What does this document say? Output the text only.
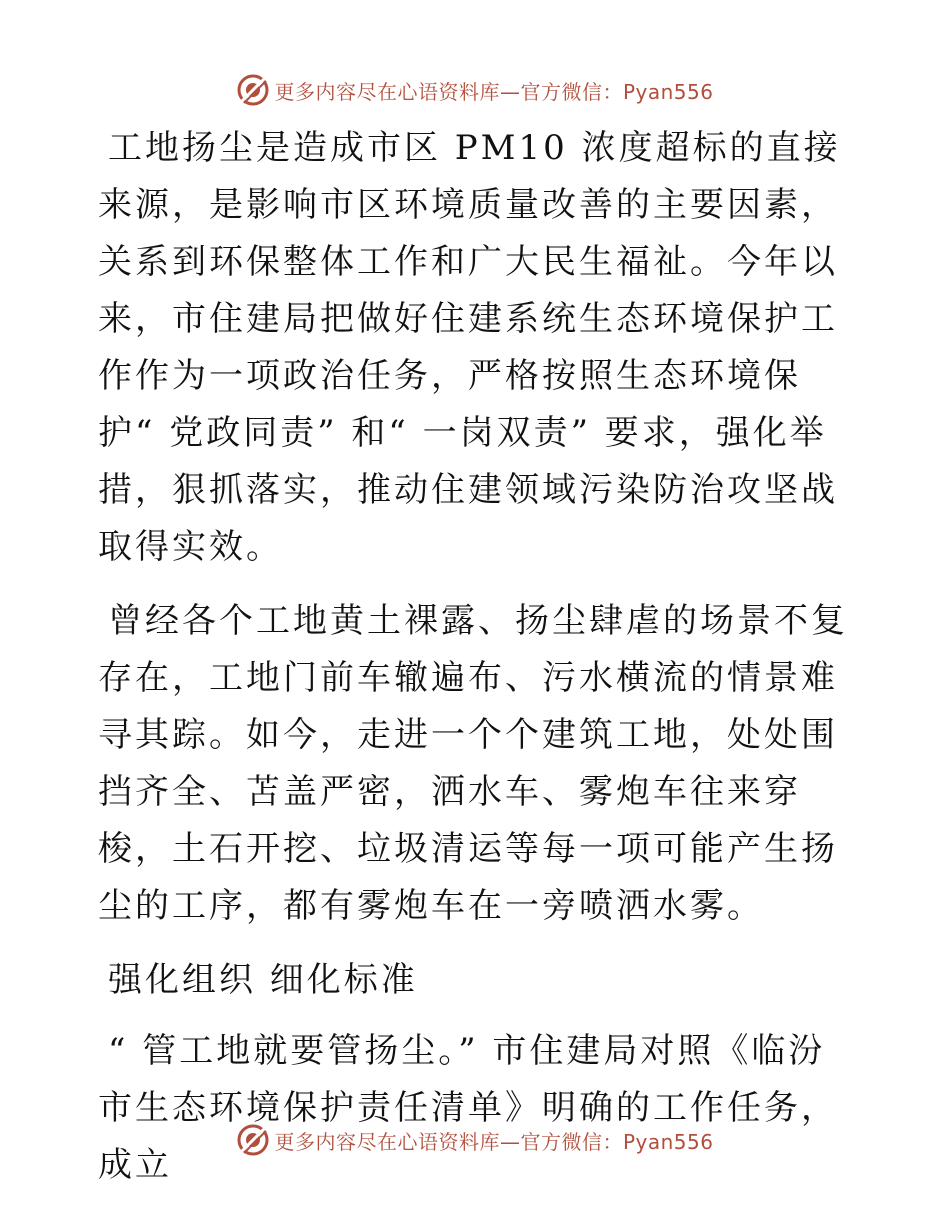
更多内容尽在心语资料库—官方微信：Pyan556

工地扬尘是造成市区 PM10 浓度超标的直接来源，是影响市区环境质量改善的主要因素，关系到环保整体工作和广大民生福祉。今年以来，市住建局把做好住建系统生态环境保护工作作为一项政治任务，严格按照生态环境保护“ 党政同责” 和“ 一岗双责” 要求，强化举措，狠抓落实，推动住建领域污染防治攻坚战取得实效。

曾经各个工地黄土裸露、扬尘肆虐的场景不复存在，工地门前车辙遍布、污水横流的情景难寻其踪。如今，走进一个个建筑工地，处处围挡齐全、苫盖严密，洒水车、雾炮车往来穿梭，土石开挖、垃圾清运等每一项可能产生扬尘的工序，都有雾炮车在一旁喷洒水雾。

强化组织 细化标准

“ 管工地就要管扬尘。” 市住建局对照《临汾市生态环境保护责任清单》明确的工作任务，成立

更多内容尽在心语资料库—官方微信：Pyan556
